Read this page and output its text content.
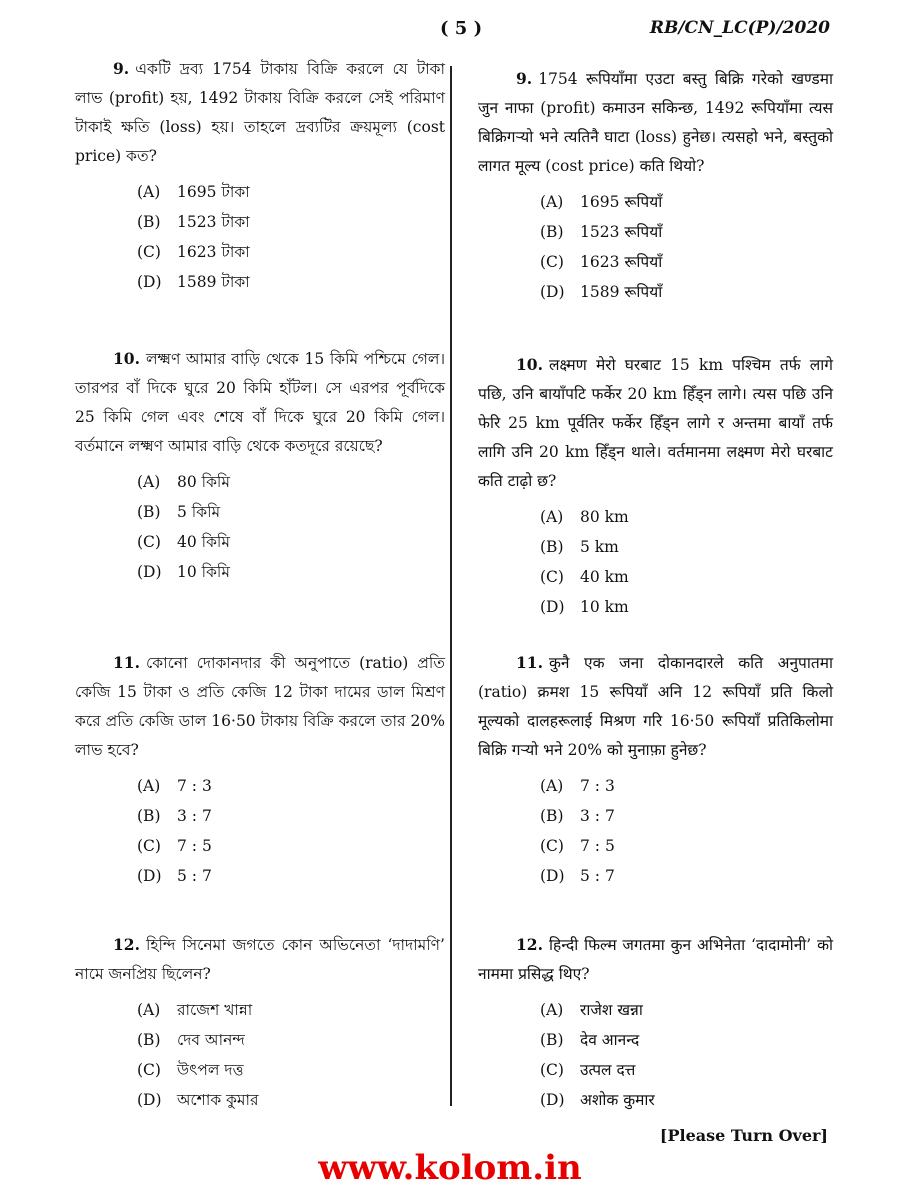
( 5 )	RB/CN_LC(P)/2020

9. একটি দ্রব্য 1754 টাকায় বিক্রি করলে যে টাকা লাভ (profit) হয়, 1492 টাকায় বিক্রি করলে সেই পরিমাণ টাকাই ক্ষতি (loss) হয়। তাহলে দ্রব্যটির ক্রয়মূল্য (cost price) কত?

(A)	1695 টাকা
(B)	1523 টাকা
(C)	1623 টাকা
(D) 1589 টাকা

10. লক্ষ্মণ আমার বাড়ি থেকে 15 কিমি পশ্চিমে গেল। তারপর বাঁ দিকে ঘুরে 20 কিমি হাঁটল। সে এরপর পূর্বদিকে 25 কিমি গেল এবং শেষে বাঁ দিকে ঘুরে 20 কিমি গেল। বর্তমানে লক্ষ্মণ আমার বাড়ি থেকে কতদূরে রয়েছে?

(A)	80 কিমি
(B)	5 কিমি
(C)	40 কিমি
(D) 10 কিমি

11. কোনো দোকানদার কী অনুপাতে (ratio) প্রতি কেজি 15 টাকা ও প্রতি কেজি 12 টাকা দামের ডাল মিশ্রণ করে প্রতি কেজি ডাল 16·50 টাকায় বিক্রি করলে তার 20% লাভ হবে?

(A)	7 : 3
(B)	3 : 7
(C)	7 : 5
(D) 5 : 7

12. হিন্দি সিনেমা জগতে কোন অভিনেতা ‘দাদামণি’ নামে জনপ্রিয় ছিলেন?

(A)	রাজেশ খান্না
(B)	দেব আনন্দ
(C)	উৎপল দত্ত
(D) অশোক কুমার

9. 1754 रूपियाँमा एउटा बस्तु बिक्रि गरेको खण्डमा जुन नाफा (profit) कमाउन सकिन्छ, 1492 रूपियाँमा त्यस बिक्रिगऱ्यो भने त्यतिनै घाटा (loss) हुनेछ। त्यसहो भने, बस्तुको लागत मूल्य (cost price) कति थियो?

(A)	1695 रूपियाँ
(B)	1523 रूपियाँ
(C)	1623 रूपियाँ
(D) 1589 रूपियाँ

10. लक्ष्मण मेरो घरबाट 15 km पश्चिम तर्फ लागे पछि, उनि बायाँपटि फर्केर 20 km हिँड्न लागे। त्यस पछि उनि फेरि 25 km पूर्वतिर फर्केर हिँड्न लागे र अन्तमा बायाँ तर्फ लागि उनि 20 km हिँड्न थाले। वर्तमानमा लक्ष्मण मेरो घरबाट कति टाढ़ो छ?

(A)	80 km
(B)	5 km
(C)	40 km
(D) 10 km

11. कुनै एक जना दोकानदारले कति अनुपातमा (ratio) क्रमश 15 रूपियाँ अनि 12 रूपियाँ प्रति किलो मूल्यको दालहरूलाई मिश्रण गरि 16·50 रूपियाँ प्रतिकिलोमा बिक्रि गऱ्यो भने 20% को मुनाफ़ा हुनेछ?

(A)	7 : 3
(B)	3 : 7
(C)	7 : 5
(D) 5 : 7

12. हिन्दी फिल्म जगतमा कुन अभिनेता ‘दादामोनी’ को नाममा प्रसिद्ध थिए?

(A)	राजेश खन्ना
(B)	देव आनन्द
(C)	उत्पल दत्त
(D) अशोक कुमार
[Please Turn Over]
www.kolom.in
